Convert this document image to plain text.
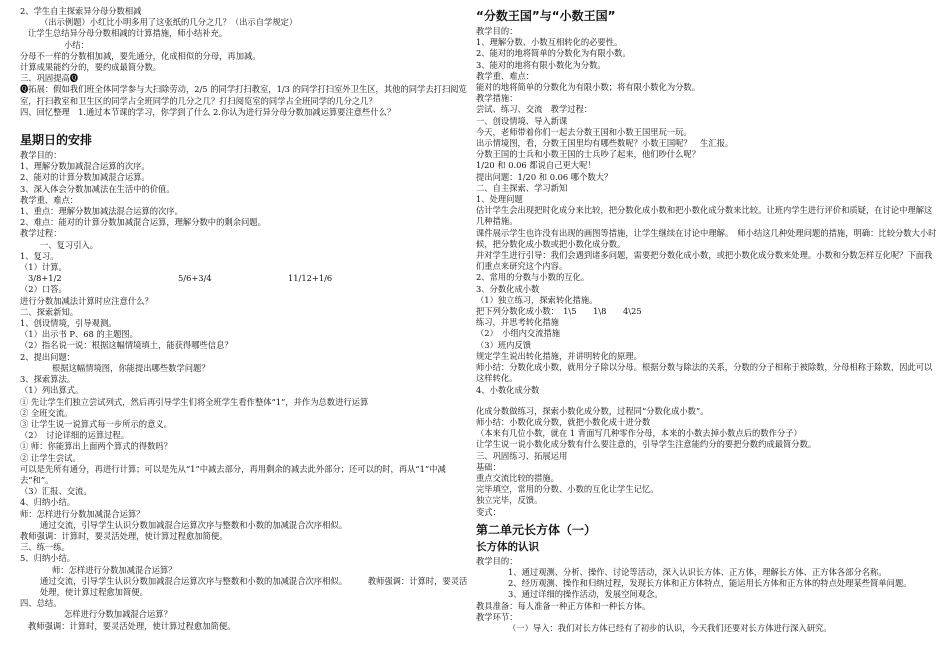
2、学生自主探索异分母分数相减
（出示例题）小红比小明多用了这张纸的几分之几？（出示自学规定）
让学生总结异分母分数相减的计算措施，师小结补充。
小结：
分母不一样的分数相加减，要先通分，化成相似的分母，再加减。
计算成果能约分的，要约成最简分数。
三、巩固提高🅠
🅠拓展：假如我们班全体同学参与大扫除劳动，2/5 的同学打扫教室，1/3 的同学打扫室外卫生区，其他的同学去打扫阅览室，打扫教室和卫生区的同学占全班同学的几分之几？打扫阅览室的同学占全班同学的几分之几？
四、回忆整理　1.通过本节课的学习，你学到了什么 2.你认为进行异分母分数加减运算要注意些什么？
星期日的安排
教学目的：
1、理解分数加减混合运算的次序。
2、能对的计算分数加减混合运算。
3、深入体会分数加减法在生活中的价值。
教学重、难点：
1、重点：理解分数加减法混合运算的次序。
2、难点：能对的计算分数加减混合运算，理解分数中的剩余问题。
教学过程：
一、复习引入。
1、复习。
（1）计算。
3/8+1/2	5/6+3/4	11/12+1/6
（2）口答。
进行分数加减法计算时应注意什么？
二、探索新知。
1、创设情境，引导观测。
（1）出示书 P、68 的主题图。
（2）指名说一说：根据这幅情境填土，能获得哪些信息？
2、提出问题：
根据这幅情境图，你能提出哪些数学问题？
3、探索算法。
（1）列出算式。
① 先让学生们独立尝试列式，然后再引导学生们将全班学生看作整体“1”，并作为总数进行运算
② 全班交流。
③ 让学生说一说算式每一步所示的意义。
（2）　讨论详细的运算过程。
① 师：你能算出上面两个算式的得数吗？
② 让学生尝试。
可以是先所有通分，再进行计算；可以是先从“1”中减去部分，再用剩余的减去此外部分；还可以的时，再从“1”中减去“和”。
（3）汇报、交流。
4、归纳小结。
师：怎样进行分数加减混合运算？
通过交流，引导学生认识分数加减混合运算次序与整数和小数的加减混合次序相似。
教师强调：计算时，要灵活处理，使计算过程愈加简便。
三、练一练。
5、归纳小结。
师：怎样进行分数加减混合运算？
通过交流，引导学生认识分数加减混合运算次序与整数和小数的加减混合次序相似。　　　教师强调：计算时，要灵活处理，使计算过程愈加简便。
四、总结。
怎样进行分数加减混合运算？
教师强调：计算时，要灵活处理，使计算过程愈加简便。
“分数王国”与“小数王国”
教学目的：
1、理解分数、小数互相转化的必要性。
2、能对的地将简单的分数化为有限小数。
3、能对的地将有限小数化为分数。
教学重、难点：
能对的地将简单的分数化为有限小数；将有限小数化为分数。
教学措施：
尝试、练习、交流　教学过程：
一、创设情境、导入新课
今天，老师带着你们一起去分数王国和小数王国里玩一玩。
出示情境图，看，分数王国里均有哪些数呢？小数王国呢？　生汇报。
分数王国的士兵和小数王国的士兵吵了起来，他们吵什么呢？
1/20 和 0.06 都说自己更大呢！
提出问题：1/20 和 0.06 哪个数大？
二、自主探索、学习新知
1、处理问题
估计学生会出现把时化成分来比较，把分数化成小数和把小数化成分数来比较。让班内学生进行评价和质疑，在讨论中理解这几种措施。
课件展示学生也许没有出现的画图等措施，让学生继续在讨论中理解。　师小结这几种处理问题的措施，明确：比较分数大小时候，把分数化成小数或把小数化成分数。
并对学生进行引导：我们会遇到诸多问题，需要把分数化成小数，或把小数化成分数来处理。小数和分数怎样互化呢？下面我们重点来研究这个内容。
2、常用的分数与小数的互化。
3、分数化成小数
（1）独立练习，探索转化措施。
把下列分数化成小数：　1\5　　1\8　　4\25
练习，并思考转化措施
（2）　小组内交流措施
（3）班内反馈
规定学生说出转化措施，并讲明转化的原理。
师小结：分数化成小数，就用分子除以分母。根据分数与除法的关系，分数的分子相称于被除数，分母相称于除数，因此可以这样转化。
4、小数化成分数
化成分数做练习，探索小数化成分数，过程同“分数化成小数”。
师小结：小数化成分数，就把小数化成十进分数
（本来有几位小数，就在 1 背面写几种零作分母，本来的小数去掉小数点后的数作分子）
让学生说一说小数化成分数有什么要注意的，引导学生注意能约分的要把分数约成最简分数。
三、巩固练习、拓展运用
基础：
重点交流比较的措施。
完毕填空，常用的分数、小数的互化让学生记忆。
独立完毕，反馈。
变式：
第二单元长方体（一）
长方体的认识
教学目的：
1、通过观测、分析、操作、讨论等活动，深入认识长方体、正方体，理解长方体、正方体各部分名称。
2、经历观测、操作和归纳过程，发现长方体和正方体特点，能运用长方体和正方体的特点处理某些简单问题。
3、通过详细的操作活动，发展空间观念。
教具准备：每人准备一种正方体和一种长方体。
教学环节：
（一）导入：我们对长方体已经有了初步的认识，今天我们还要对长方体进行深入研究。
